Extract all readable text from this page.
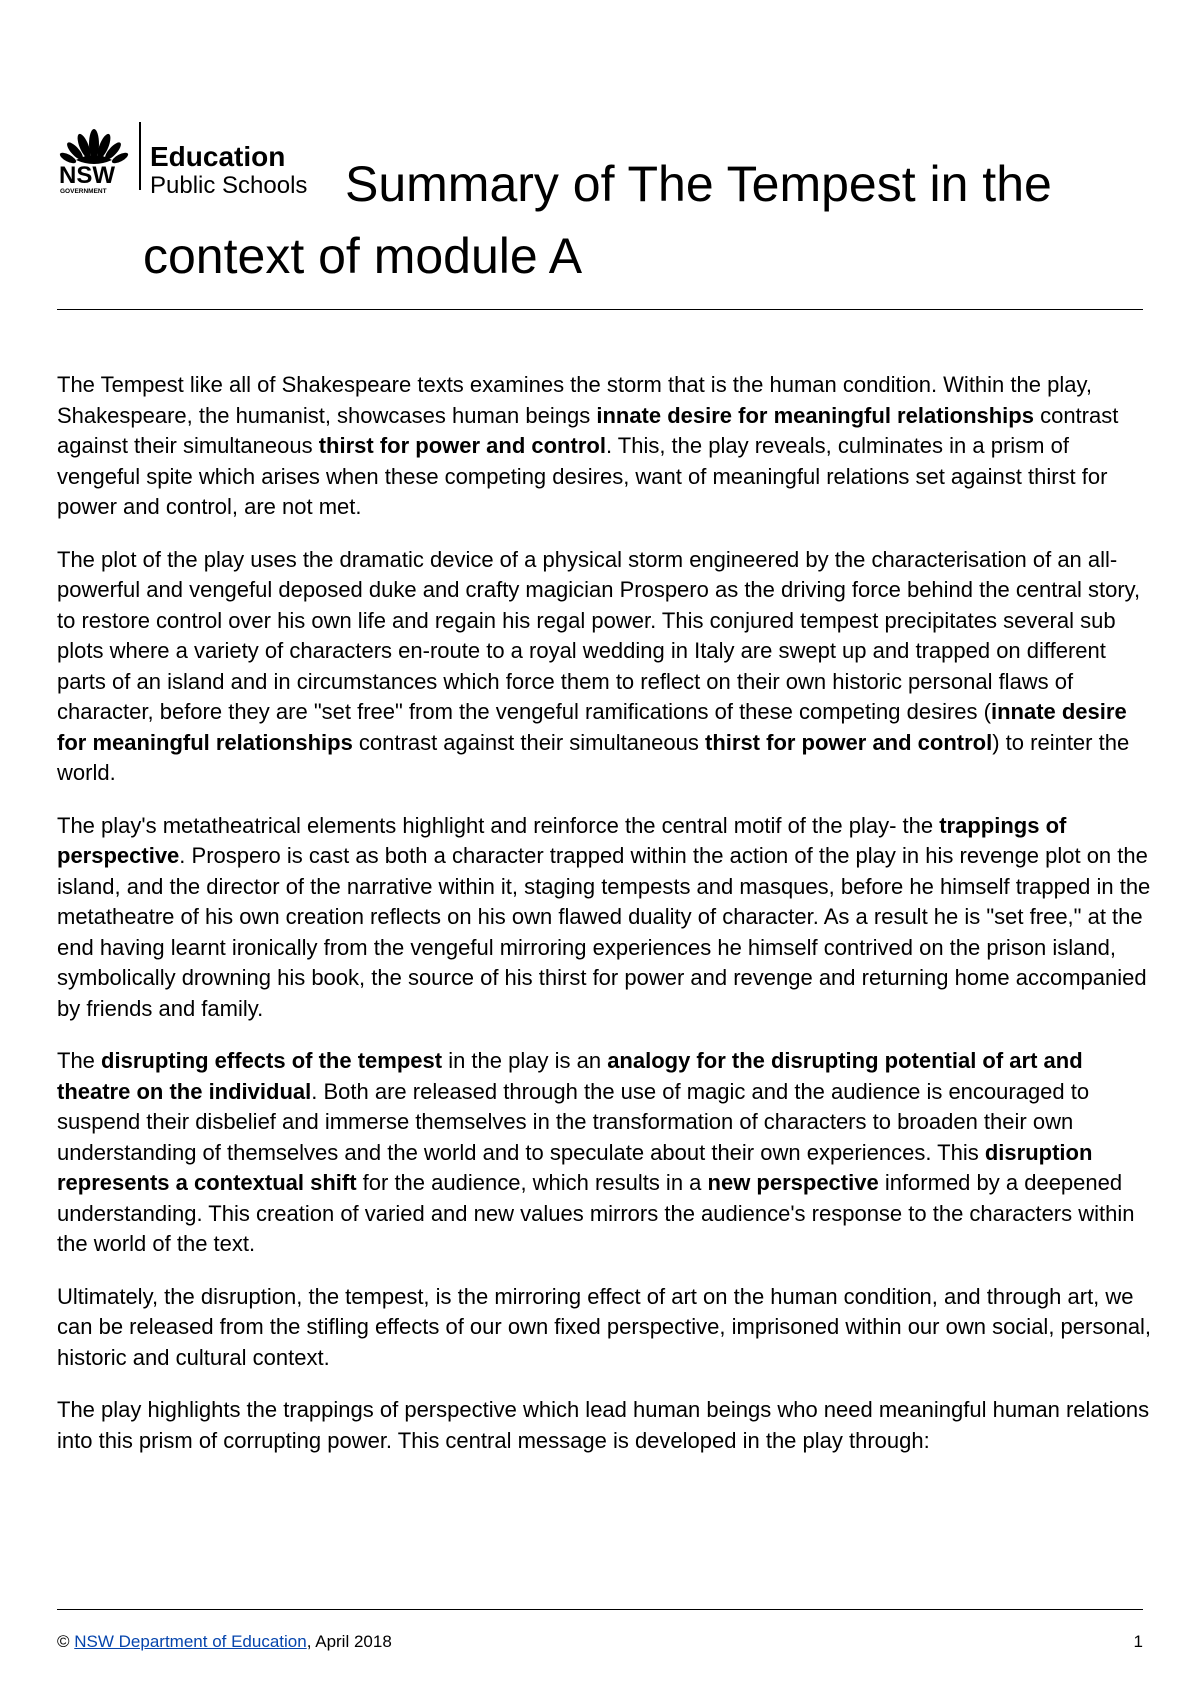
NSW
GOVERNMENT
Education
Public Schools Summary of The Tempest in the context of module A

The Tempest like all of Shakespeare texts examines the storm that is the human condition. Within the play, Shakespeare, the humanist, showcases human beings innate desire for meaningful relationships contrast against their simultaneous thirst for power and control. This, the play reveals, culminates in a prism of vengeful spite which arises when these competing desires, want of meaningful relations set against thirst for power and control, are not met.

The plot of the play uses the dramatic device of a physical storm engineered by the characterisation of an all-powerful and vengeful deposed duke and crafty magician Prospero as the driving force behind the central story, to restore control over his own life and regain his regal power. This conjured tempest precipitates several sub plots where a variety of characters en-route to a royal wedding in Italy are swept up and trapped on different parts of an island and in circumstances which force them to reflect on their own historic personal flaws of character, before they are "set free" from the vengeful ramifications of these competing desires (innate desire for meaningful relationships contrast against their simultaneous thirst for power and control) to reinter the world.

The play's metatheatrical elements highlight and reinforce the central motif of the play- the trappings of perspective. Prospero is cast as both a character trapped within the action of the play in his revenge plot on the island, and the director of the narrative within it, staging tempests and masques, before he himself trapped in the metatheatre of his own creation reflects on his own flawed duality of character. As a result he is "set free," at the end having learnt ironically from the vengeful mirroring experiences he himself contrived on the prison island, symbolically drowning his book, the source of his thirst for power and revenge and returning home accompanied by friends and family.

The disrupting effects of the tempest in the play is an analogy for the disrupting potential of art and theatre on the individual. Both are released through the use of magic and the audience is encouraged to suspend their disbelief and immerse themselves in the transformation of characters to broaden their own understanding of themselves and the world and to speculate about their own experiences. This disruption represents a contextual shift for the audience, which results in a new perspective informed by a deepened understanding. This creation of varied and new values mirrors the audience's response to the characters within the world of the text.

Ultimately, the disruption, the tempest, is the mirroring effect of art on the human condition, and through art, we can be released from the stifling effects of our own fixed perspective, imprisoned within our own social, personal, historic and cultural context.

The play highlights the trappings of perspective which lead human beings who need meaningful human relations into this prism of corrupting power. This central message is developed in the play through:

© NSW Department of Education, April 2018	1
